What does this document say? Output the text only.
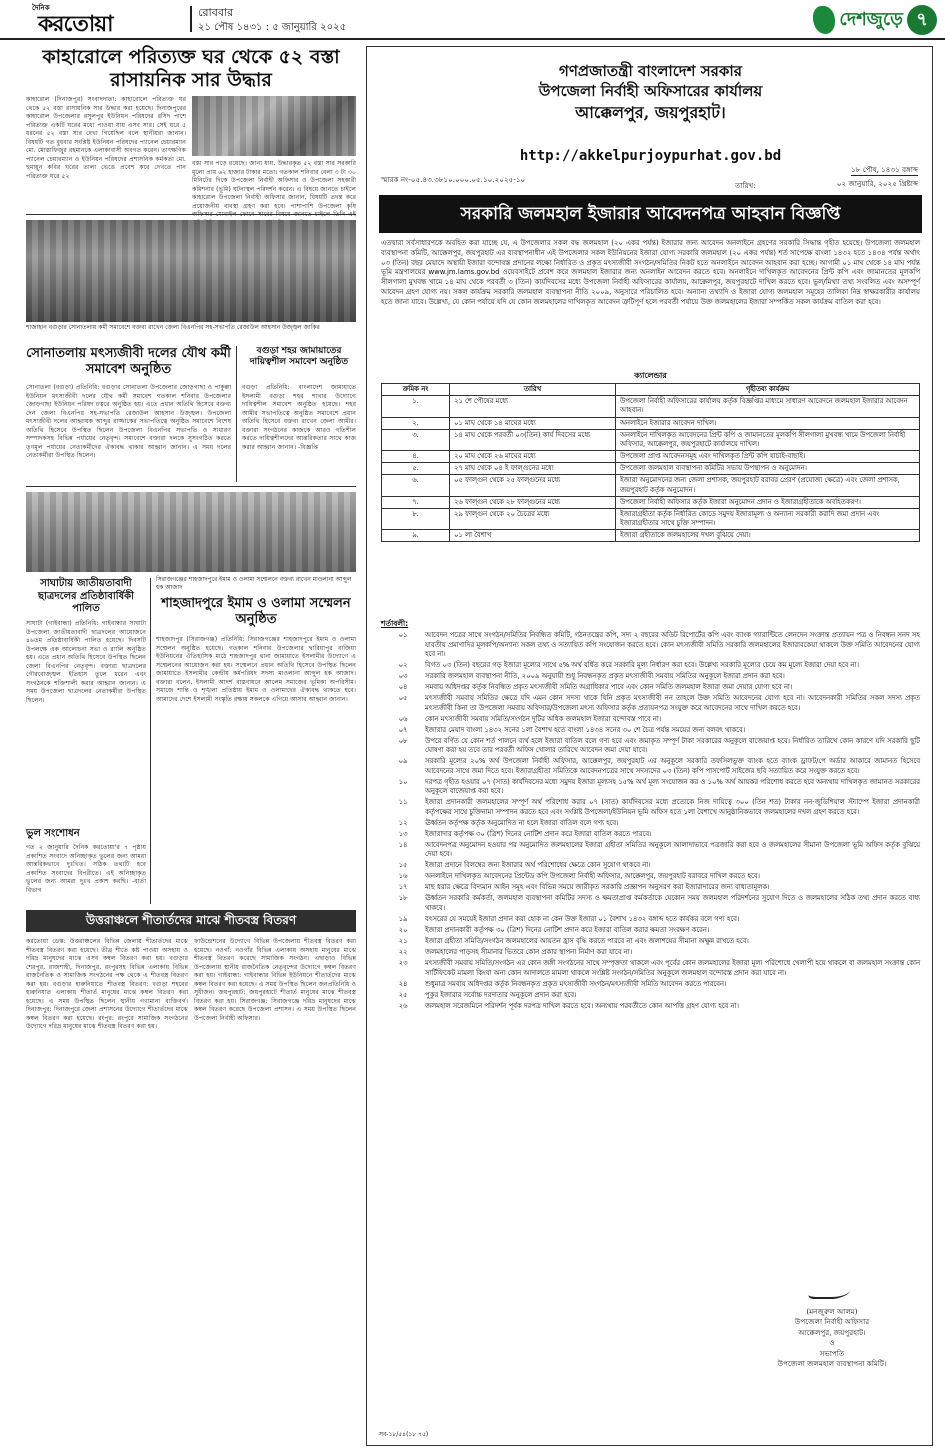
দৈনিক
করতোয়া	রোববার
২১ পৌষ ১৪৩১ : ৫ জানুয়ারি ২০২৫	দেশজুড়ে ৭
কাহারোলে পরিত্যক্ত ঘর থেকে ৫২ বস্তা রাসায়নিক সার উদ্ধার
কাহারোল (দিনাজপুর) সংবাদদাতা: কাহারোলে পরিত্যক্ত ঘর থেকে ৫২ বস্তা রাসায়নিক সার উদ্ধার করা হয়েছে। দিনাজপুরের কাহারোল উপজেলার রসুলপুর ইউনিয়ন পরিষদের রসিদ পাশে পরিত্যক্ত একটি ঘরের মধ্যে পাওয়া যায় এসব সার। সেই ঘরে ৫ ধরনের ৫২ বস্তা সার দেখা গিয়েছিল বলে স্থানীয়রা জানান। বিষয়টি গত বুধবার সংশ্লিষ্ট ইউনিয়ন পরিষদের প্যানেল চেয়ারম্যান মো. মোস্তাফিজুর রহমানকে এলাকাবাসী অবগত করেন। তাৎক্ষণিক প্যানেল চেয়ারম্যান ও ইউনিয়ন পরিষদের প্রশাসনিক কর্মকর্তা মো. হুমায়ুন কবির ঘরের তালা ভেঙে প্রবেশ করে দেখতে পান পরিত্যক্ত ঘরে ৫২
বস্তা সার পড়ে রয়েছে। জানা যায়, উদ্ধারকৃত ৫২ বস্তা সার সরকারি মূল্যে প্রায় ৬২ হাজার টাকার মতো। গতকাল শনিবার বেলা ৩ টা ৩০ মিনিটের দিকে উপজেলা নির্বাহী অফিসার ও উপজেলা সহকারী কমিশনার (ভূমি) ঘটনাস্থল পরিদর্শন করেন। এ বিষয়ে জানতে চাইলে কাহারোল উপজেলা নির্বাহী অফিসার জানান, বিষয়টি তদন্ত করে প্রয়োজনীয় ব্যবস্থা গ্রহণ করা হবে। পাশাপাশি উপজেলা কৃষি
শাজাহান বগুড়ার সোনাতলায় কর্মী সমাবেশে বক্তব্য রাখেন জেলা বিএনপির সহ-সভাপতি রেজাউল আহসান উজ্জ্বল জাকির
সোনাতলায় মৎস্যজীবী দলের যৌথ কর্মী সমাবেশ অনুষ্ঠিত
সোনাতলা (বগুড়া) প্রতিনিধি: বগুড়ার সোনাতলা উপজেলার জোড়গাছা ও পাকুল্লা ইউনিয়ন মৎস্যজীবী দলের যৌথ কর্মী সমাবেশ গতকাল শনিবার উপজেলার জোড়গাছা ইউনিয়ন পরিষদ চত্বরে অনুষ্ঠিত হয়। এতে প্রধান অতিথি হিসেবে বক্তব্য দেন জেলা বিএনপির সহ-সভাপতি রেজাউল আহসান উজ্জ্বল। উপজেলা মৎস্যজীবী দলের আহ্বায়ক আব্দুর রাজ্জাকের সভাপতিত্বে অনুষ্ঠিত সমাবেশে বিশেষ অতিথি হিসেবে উপস্থিত ছিলেন উপজেলা বিএনপির সভাপতি ও সাধারণ সম্পাদকসহ বিভিন্ন পর্যায়ের নেতৃবৃন্দ। সমাবেশে বক্তারা দলকে সুসংগঠিত করতে তৃণমূল পর্যায়ের নেতাকর্মীদের ঐক্যবদ্ধ থাকার আহ্বান জানান। এ সময় দলের নেতাকর্মীরা উপস্থিত ছিলেন।
বগুড়া শহর জামায়াতের দায়িত্বশীল সমাবেশ অনুষ্ঠিত
বগুড়া প্রতিনিধি: বাংলাদেশ জামায়াতে ইসলামী বগুড়া শহর শাখার উদ্যোগে দায়িত্বশীল সমাবেশ অনুষ্ঠিত হয়েছে। শহর আমীর সভাপতিত্বে অনুষ্ঠিত সমাবেশে প্রধান অতিথি হিসেবে বক্তব্য রাখেন জেলা আমীর। বক্তারা সংগঠনের কাজকে আরও গতিশীল করতে দায়িত্বশীলদের আন্তরিকতার সাথে কাজ করার আহ্বান জানান। -বিজ্ঞপ্তি
সাঘাটায় জাতীয়তাবাদী ছাত্রদলের প্রতিষ্ঠাবার্ষিকী পালিত
সাঘাটা (গাইবান্ধা) প্রতিনিধি: গাইবান্ধার সাঘাটা উপজেলা জাতীয়তাবাদী ছাত্রদলের আয়োজনে ৪৬তম প্রতিষ্ঠাবার্ষিকী পালিত হয়েছে। দিবসটি উপলক্ষে এক আলোচনা সভা ও র‍্যালি অনুষ্ঠিত হয়। এতে প্রধান অতিথি হিসেবে উপস্থিত ছিলেন জেলা বিএনপির নেতৃবৃন্দ। বক্তারা ছাত্রদলের গৌরবোজ্জ্বল ইতিহাস তুলে ধরেন এবং সংগঠনকে শক্তিশালী করার আহ্বান জানান। এ সময় উপজেলা ছাত্রদলের নেতাকর্মীরা উপস্থিত ছিলেন।
ভুল সংশোধন
গত ২ জানুয়ারি দৈনিক করতোয়া'র ৭ পৃষ্ঠায় প্রকাশিত সংবাদে অনিচ্ছাকৃত ভুলের জন্য আমরা আন্তরিকভাবে দুঃখিত। সঠিক তথ্যটি হবে প্রকাশিত সংবাদের বিপরীতে। এই অনিচ্ছাকৃত ভুলের জন্য আমরা দুঃখ প্রকাশ করছি। -বার্তা বিভাগ
সিরাজগঞ্জের শাহজাদপুরে ইমাম ও ওলামা সম্মেলনে বক্তব্য রাখেন মাওলানা আব্দুল হক আজাদ
শাহজাদপুরে ইমাম ও ওলামা সম্মেলন অনুষ্ঠিত
শাহজাদপুর (সিরাজগঞ্জ) প্রতিনিধি: সিরাজগঞ্জের শাহজাদপুরে ইমাম ও ওলামা সম্মেলন অনুষ্ঠিত হয়েছে। গতকাল শনিবার উপজেলার দ্বারিয়াপুর বাজিয়া ইউনিয়নের ঐতিহাসিক মাঠে শাহজাদপুর থানা জামায়াতে ইসলামীর উদ্যোগে এ সম্মেলনের আয়োজন করা হয়। সম্মেলনে প্রধান অতিথি হিসেবে উপস্থিত ছিলেন জামায়াতে ইসলামীর কেন্দ্রীয় কর্মপরিষদ সদস্য মাওলানা আব্দুল হক আজাদ। বক্তারা বলেন, ইসলামী আদর্শ বাস্তবায়নে আলেম সমাজের ভূমিকা অপরিসীম। সমাজে শান্তি ও শৃঙ্খলা প্রতিষ্ঠায় ইমাম ও ওলামাদের ঐক্যবদ্ধ থাকতে হবে। আমাদের দেশে ইসলামী সংস্কৃতি রক্ষায় সকলকে এগিয়ে আসার আহ্বান জানান।
উত্তরাঞ্চলে শীতার্তদের মাঝে শীতবস্ত্র বিতরণ
করতোয়া ডেস্ক: উত্তরাঞ্চলের বিভিন্ন জেলায় শীতার্তদের মাঝে শীতবস্ত্র বিতরণ করা হয়েছে। তীব্র শীতে কষ্ট পাওয়া অসহায় ও দরিদ্র মানুষদের মাঝে এসব কম্বল বিতরণ করা হয়। বগুড়ার শেরপুর, রাজশাহী, দিনাজপুর, রংপুরসহ বিভিন্ন এলাকায় বিভিন্ন রাজনৈতিক ও সামাজিক সংগঠনের পক্ষ থেকে এ শীতবস্ত্র বিতরণ করা হয়। বগুড়ার হারুনিযাতে শীতবস্ত্র বিতরণ: বগুড়া শহরের হারুনিযাত এলাকায় শীতার্ত মানুষের মাঝে কম্বল বিতরণ করা হয়েছে। এ সময় উপস্থিত ছিলেন স্থানীয় গণ্যমান্য ব্যক্তিবর্গ। দিনাজপুর: দিনাজপুরে জেলা প্রশাসনের উদ্যোগে শীতার্তদের মাঝে কম্বল বিতরণ করা হয়েছে। রংপুর: রংপুরে সামাজিক সংগঠনের উদ্যোগে দরিদ্র মানুষের মাঝে শীতবস্ত্র বিতরণ করা হয়।
ফাউন্ডেশনের উদ্যোগে বিভিন্ন উপজেলায় শীতবস্ত্র বিতরণ করা হয়েছে। নওগাঁ: নওগাঁর বিভিন্ন এলাকায় অসহায় মানুষের মাঝে শীতবস্ত্র বিতরণ করেছে সামাজিক সংগঠন। এছাড়াও বিভিন্ন উপজেলায় স্থানীয় রাজনৈতিক নেতৃবৃন্দের উদ্যোগে কম্বল বিতরণ করা হয়। গাইবান্ধা: গাইবান্ধার বিভিন্ন ইউনিয়নে শীতার্তদের মাঝে কম্বল বিতরণ করা হয়েছে। এ সময় উপস্থিত ছিলেন জনপ্রতিনিধি ও সুধীজন। জয়পুরহাট: জয়পুরহাটে শীতার্ত মানুষের মাঝে শীতবস্ত্র বিতরণ করা হয়। সিরাজগঞ্জ: সিরাজগঞ্জে দরিদ্র মানুষদের মাঝে কম্বল বিতরণ করেছে উপজেলা প্রশাসন। এ সময় উপস্থিত ছিলেন উপজেলা নির্বাহী অফিসার।
গণপ্রজাতন্ত্রী বাংলাদেশ সরকার
উপজেলা নির্বাহী অফিসারের কার্যালয়
আক্কেলপুর, জয়পুরহাট।
http://akkelpurjoypurhat.gov.bd
স্মারক নং-০৫.৪৩.৩৮১০.০০০.০৫.১০.২০২৫-১০
তারিখ:
১৮ পৌষ, ১৪৩১ বঙ্গাব্দ
০২ জানুয়ারি, ২০২৫ খ্রিষ্টাব্দ
সরকারি জলমহাল ইজারার আবেদনপত্র আহবান বিজ্ঞপ্তি
এতদ্বারা সর্বসাধারণকে অবহিত করা যাচ্ছে যে, এ উপজেলার সকল বদ্ধ জলমহাল (২০ একর পর্যন্ত) ইজারার জন্য আবেদন অনলাইনে গ্রহণের সরকারি সিদ্ধান্ত গৃহীত হয়েছে। উপজেলা জলমহাল ব্যবস্থাপনা কমিটি, আক্কেলপুর, জয়পুরহাট এর ব্যবস্থাপনাধীন এই উপজেলার সকল ইউনিয়নের ইজারা যোগ্য সরকারি জলমহাল (২০ একর পর্যন্ত) শর্ত সাপেক্ষে বাংলা ১৪৩২ হতে ১৪৩৪ পর্যন্ত অর্থাৎ ০৩ (তিন) বছর মেয়াদে অস্থায়ী ইজারা বন্দোবস্ত প্রদানের লক্ষ্যে নির্ধারিত ও প্রকৃত মৎস্যজীবী সংগঠন/সমিতির নিকট হতে অনলাইনে আবেদন আহবান করা হচ্ছে। আগামী ০১ মাঘ থেকে ১৪ মাঘ পর্যন্ত ভূমি মন্ত্রণালয়ের www.jm.lams.gov.bd ওয়েবসাইটে প্রবেশ করে জলমহাল ইজারার জন্য অনলাইন আবেদন করতে হবে। অনলাইনে দাখিলকৃত আবেদনের প্রিন্ট কপি এবং জামানতের মূলকপি সীলগালা মুখবন্ধ খামে ১৪ মাঘ থেকে পরবর্তী ৩ (তিন) কার্যদিবসের মধ্যে উপজেলা নির্বাহী অফিসারের কার্যালয়, আক্কেলপুর, জয়পুরহাটে দাখিল করতে হবে। ভুল/মিথ্যা তথ্য সংবলিত এবং অসম্পূর্ণ আবেদন গ্রহণ যোগ্য নয়। সকল কার্যক্রম সরকারি জলমহাল ব্যবস্থাপনা নীতি ২০০৯, অনুসারে পরিচালিত হবে। অন্যান্য তথ্যাদি ও ইজারা যোগ্য জলমহাল সমূহের তালিকা নিম্ন স্বাক্ষরকারীর কার্যালয় হতে জানা যাবে। উল্লেখ্য, যে কোন পর্যায়ে যদি যে কোন জলমহালের দাখিলকৃত আবেদন ত্রুটিপূর্ণ হলে পরবর্তী পর্যায়ে উক্ত জলমহালের ইজারা সম্পর্কিত সকল কার্যক্রম বাতিল করা হবে।
ক্যালেন্ডার
ক্রমিক নং	তারিখ	গৃহীতব্য কার্যক্রম
১.	২১ শে পৌষের মধ্যে	উপজেলা নির্বাহী অফিসারের কার্যালয় কর্তৃক বিজ্ঞপ্তির মাধ্যমে সাধারণ আবেদনে জলমহাল ইজারার আবেদন আহবান।
২.	০১ মাঘ থেকে ১৪ মাঘের মধ্যে	অনলাইনে ইজারার আবেদন দাখিল।
৩.	১৪ মাঘ থেকে পরবর্তী ০৩(তিন) কার্য দিবসের মধ্যে	অনলাইনে দাখিলকৃত আবেদনের প্রিন্ট কপি ও জামানতের মূলকপি সীলগালা মুখবন্ধ খামে উপজেলা নির্বাহী অফিসার, আক্কেলপুর, জয়পুরহাটে কার্যালয়ে দাখিল।
৪.	২০ মাঘ থেকে ২৬ মাঘের মধ্যে	উপজেলা প্রাপ্ত আবেদনসমূহ এবং দাখিলকৃত প্রিন্ট কপি যাচাই-বাছাই।
৫.	২৭ মাঘ থেকে ০৪ ই ফাল্গুনের মধ্যে	উপজেলা জলমহাল ব্যবস্থাপনা কমিটির সভায় উপস্থাপন ও অনুমোদন।
৬.	০৫ ফাল্গুন থেকে ২৫ ফাল্গুনের মধ্যে	ইজারা অনুমোদনের জন্য জেলা প্রশাসক, জয়পুরহাট বরাবর প্রেরণ (প্রযোজ্য ক্ষেত্রে) এবং জেলা প্রশাসক, জয়পুরহাট কর্তৃক অনুমোদন।
৭.	২৬ ফাল্গুন থেকে ২৮ ফাল্গুনের মধ্যে	উপজেলা নির্বাহী অফিসার কর্তৃক ইজারা অনুমোদন প্রদান ও ইজারাগ্রহীতাকে অবহিতকরণ।
৮.	২৯ ফাল্গুন থেকে ২০ চৈত্রের মধ্যে	ইজারাগ্রহীতা কর্তৃক নির্ধারিত কোডে সমুদয় ইজারামূল্য ও অন্যান্য সরকারী করাদি জমা প্রদান এবং ইজারাগ্রহীতার সাথে চুক্তি সম্পাদন।
৯.	০১ লা বৈশাখ	ইজারা গ্রহীতাকে জলমহালের দখল বুঝিয়ে দেয়া।
শর্তাবলী:
০১	আবেদন পত্রের সাথে সংগঠন/সমিতির নিবন্ধিত কমিটি, গঠনতন্ত্রের কপি, সদ্য ২ বছরের অডিট রিপোর্টের কপি এবং ব্যাংক গ্যারান্টিতে লেনদেন সংক্রান্ত প্রত্যায়ন পত্র ও নিবন্ধন সনদ সহ যাবতীয় প্রমাণাদির মূলকপি/অন্যান্য সকল তথ্য ও সত্যায়িত কপি সংযোজন করতে হবে। কোন মৎস্যজীবী সমিতি সরকারি জলমহালের ইজারাবকেয়া থাকলে উক্ত সমিতি আবেদনের যোগ্য হবে না।
০২	বিগত ০৩ (তিন) বছরের গড় ইজারা মূল্যের সাথে ৫% অর্থ বর্ধিত করে সরকারি মূল্য নির্ধারণ করা হবে। উল্লেখ্য সরকারি মূল্যের চেয়ে কম মূল্যে ইজারা দেয়া হবে না।
০৩	সরকারি জলমহাল ব্যবস্থাপনা নীতি, ২০০৯ অনুযায়ী শুধু নিবন্ধনকৃত প্রকৃত মৎস্যজীবী সমবায় সমিতির অনুকূলে ইজারা প্রদান করা হবে।
০৪	সমবায় অধিদপ্তর কর্তৃক নিবন্ধিত প্রকৃত মৎস্যজীবী সমিতি অগ্রাধিকার পাবে এবং কোন সমিতি জলমহাল ইজারা জমা দেয়ার যোগ্য হবে না।
০৫	মৎস্যজীবী সমবায় সমিতির ক্ষেত্রে যদি এমন কোন সদস্য থাকে যিনি প্রকৃত মৎস্যজীবী নন তাহলে উক্ত সমিতি আবেদনের যোগ্য হবে না। আবেদনকারী সমিতির সকল সদস্য প্রকৃত মৎস্যজীবী কিনা তা উপজেলা সমবায় অফিসার/উপজেলা মৎস্য অফিসার কর্তৃক প্রত্যয়নপত্র সংযুক্ত করে আবেদনের সাথে দাখিল করতে হবে।
০৬	কোন মৎস্যজীবী সমবায় সমিতি/সংগঠন দুটির অধিক জলমহাল ইজারা বন্দোবস্ত পাবে না।
০৭	ইজারার মেয়াদ বাংলা ১৪৩২ সনের ১লা বৈশাখ হতে বাংলা ১৪৩৪ সনের ৩০ শে চৈত্র পর্যন্ত সময়ের জন্য বলবৎ থাকবে।
০৮	উপরে বর্ণিত যে কোন শর্ত পালনে ব্যর্থ হলে ইজারা বাতিল বলে গণ্য হবে এবং জমাকৃত সম্পূর্ণ টাকা সরকারের অনুকূলে বাজেয়াপ্ত হবে। নির্ধারিত তারিখে কোন কারণে যদি সরকারি ছুটি ঘোষণা করা হয় তবে তার পরবর্তী অফিস খোলার তারিখে আবেদন জমা দেয়া যাবে।
০৯	সরকারি মূল্যের ২০% অর্থ উপজেলা নির্বাহী অফিসার, আক্কেলপুর, জয়পুরহাট এর অনুকূলে সরকারি তফসিলভুক্ত ব্যাংক হতে ব্যাংক ড্রাফট/পে অর্ডার আকারে জামানত হিসেবে আবেদনের সাথে জমা দিতে হবে। ইজারাগ্রহীতা সমিতিকে আবেদনপত্রের সাথে সদস্যদের ০৩ (তিন) কপি পাসপোর্ট সাইজের ছবি সত্যায়িত করে সংযুক্ত করতে হবে।
১০	দরপত্র গৃহীত হওয়ার ০৭ (সাত) কার্যদিবসের মধ্যে সমুদয় ইজারা মূল্যসহ ১৫% অর্থ মূল্য সংযোজন কর ও ১০% অর্থ আয়কর পরিশোধ করতে হবে অন্যথায় দাখিলকৃত জামানত সরকারের অনুকূলে বাজেয়াপ্ত করা হবে।
১১	ইজারা প্রদানকারী জলমহালের সম্পূর্ণ অর্থ পরিশোধ করার ০৭ (সাত) কার্যদিবসের মধ্যে প্রত্যেকে নিজ দায়িত্বে ৩০০ (তিন শত) টাকার নন-জুডিশিয়াল স্ট্যাম্পে ইজারা প্রদানকারী কর্তৃপক্ষের সাথে চুক্তিনামা সম্পাদন করতে হবে এবং সংশ্লিষ্ট উপজেলা/ইউনিয়ন ভূমি অফিস হতে ১লা বৈশাখে আনুষ্ঠানিকভাবে জলমহালের দখল গ্রহণ করতে হবে।
১২	ঊর্ধ্বতন কর্তৃপক্ষ কর্তৃক অনুমোদিত না হলে ইজারা বাতিল বলে গণ্য হবে।
১৩	ইজারাদার কর্তৃপক্ষ ৩০ (ত্রিশ) দিনের নোটিশ প্রদান করে ইজারা বাতিল করতে পারবে।
১৪	আবেদনপত্র অনুমোদন হওয়ার পর অনুমোদিত জলমহালের ইজারা গ্রহীতা সমিতির অনুকূলে আলাদাভাবে পত্রজারি করা হবে ও জলমহালের সীমানা উপজেলা ভূমি অফিস কর্তৃক বুঝিয়ে দেয়া হবে।
১৫	ইজারা প্রদানে বিলম্বের জন্য ইজারার অর্থ পরিশোধের ক্ষেত্রে কোন সুযোগ থাকবে না।
১৬	অনলাইনে দাখিলকৃত আবেদনের প্রিন্টেড কপি উপজেলা নির্বাহী অফিসার, আক্কেলপুর, জয়পুরহাট বরাবরে দাখিল করতে হবে।
১৭	মাছ ধরার ক্ষেত্রে বিদ্যমান আইন সমূহ এবং বিভিন্ন সময়ে জারীকৃত সরকারি প্রজ্ঞাপন অনুসরণ করা ইজারাদারের জন্য বাধ্যতামূলক।
১৮	ঊর্ধ্বতন সরকারি কর্মকর্তা, জলমহাল ব্যবস্থাপনা কমিটির সদস্য ও ক্ষমতাপ্রাপ্ত কর্মকর্তাকে যেকোন সময় জলমহাল পরিদর্শনের সুযোগ দিতে ও জলমহালের সঠিক তথ্য প্রদান করতে বাধ্য থাকবে।
১৯	বৎসরের যে সময়েই ইজারা প্রদান করা হোক না কেন উক্ত ইজারা ০১ বৈশাখ ১৪৩২ বঙ্গাব্দ হতে কার্যকর বলে গণ্য হবে।
২০	ইজারা প্রদানকারী কর্তৃপক্ষ ৩০ (ত্রিশ) দিনের নোটিশ প্রদান করে ইজারা বাতিল করার ক্ষমতা সংরক্ষণ করেন।
২১	ইজারা গ্রহীতা সমিতি/সংগঠন জলমহালের আয়তন হ্রাস বৃদ্ধি করতে পারবে না এবং জলাশয়ের সীমানা অক্ষুন্ন রাখতে হবে।
২২	জলমহালের পাড়সহ সীমানার ভিতরে কোন প্রকার স্থাপনা নির্মাণ করা যাবে না।
২৩	মৎস্যজীবী সমবায় সমিতি/সংগঠন এর কোন জঙ্গী সংগঠনের সাথে সম্পৃক্ততা থাকলে এবং পূর্বের কোন জলমহালের ইজারা মূল্য পরিশোধে খেলাপী হয়ে থাকলে বা জলমহাল সংক্রান্ত কোন সার্টিফিকেট মামলা কিংবা অন্য কোন আদালতে মামলা থাকলে সংশ্লিষ্ট সংগঠন/সমিতির অনুকূলে জলমহাল বন্দোবস্ত প্রদান করা যাবে না।
২৪	শুধুমাত্র সমবায় অধিদপ্তর কর্তৃক নিবন্ধনকৃত প্রকৃত মৎস্যজীবী সংগঠন/মৎস্যজীবী সমিতি আবেদন করতে পারবেন।
২৫	পুকুর ইজারার সর্বোচ্চ দরদাতার অনুকূলে প্রদান করা হবে।
২৬	জলমহাল সরেজমিনে পরিদর্শন পূর্বক দরপত্র দাখিল করতে হবে। অন্যথায় পরবর্তীতে কোন আপত্তি গ্রহণ যোগ্য হবে না।
(মনজুরুল আলম)
উপজেলা নির্বাহী অফিসার
আক্কেলপুর, জয়পুরহাট।
ও
সভাপতি
উপজেলা জলমহাল ব্যবস্থাপনা কমিটি।
সব-১৮/৫৪(১৮ ৭৫)
